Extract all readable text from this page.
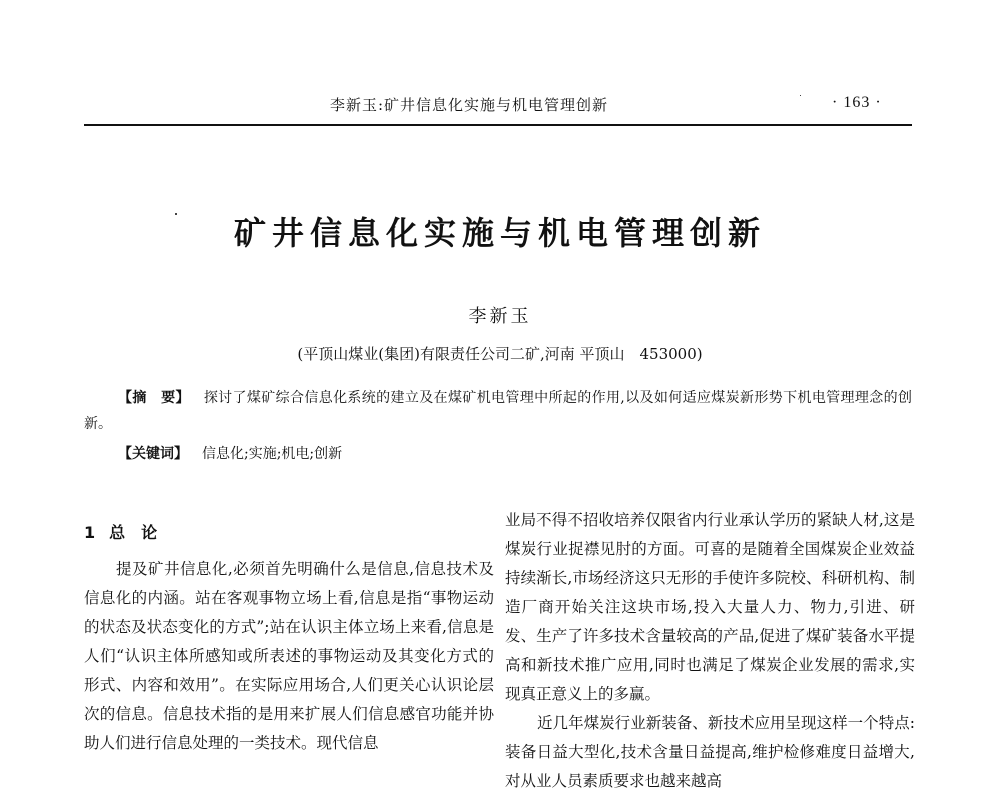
李新玉:矿井信息化实施与机电管理创新	· 163 ·
矿井信息化实施与机电管理创新
李新玉
(平顶山煤业(集团)有限责任公司二矿,河南 平顶山　453000)
【摘　要】 探讨了煤矿综合信息化系统的建立及在煤矿机电管理中所起的作用,以及如何适应煤炭新形势下机电管理理念的创新。
【关键词】 信息化;实施;机电;创新
1 总　论
提及矿井信息化,必须首先明确什么是信息,信息技术及信息化的内涵。站在客观事物立场上看,信息是指“事物运动的状态及状态变化的方式”;站在认识主体立场上来看,信息是人们“认识主体所感知或所表述的事物运动及其变化方式的形式、内容和效用”。在实际应用场合,人们更关心认识论层次的信息。信息技术指的是用来扩展人们信息感官功能并协助人们进行信息处理的一类技术。现代信息

业局不得不招收培养仅限省内行业承认学历的紧缺人材,这是煤炭行业捉襟见肘的方面。可喜的是随着全国煤炭企业效益持续渐长,市场经济这只无形的手使许多院校、科研机构、制造厂商开始关注这块市场,投入大量人力、物力,引进、研发、生产了许多技术含量较高的产品,促进了煤矿装备水平提高和新技术推广应用,同时也满足了煤炭企业发展的需求,实现真正意义上的多赢。

近几年煤炭行业新装备、新技术应用呈现这样一个特点:装备日益大型化,技术含量日益提高,维护检修难度日益增大,对从业人员素质要求也越来越高
